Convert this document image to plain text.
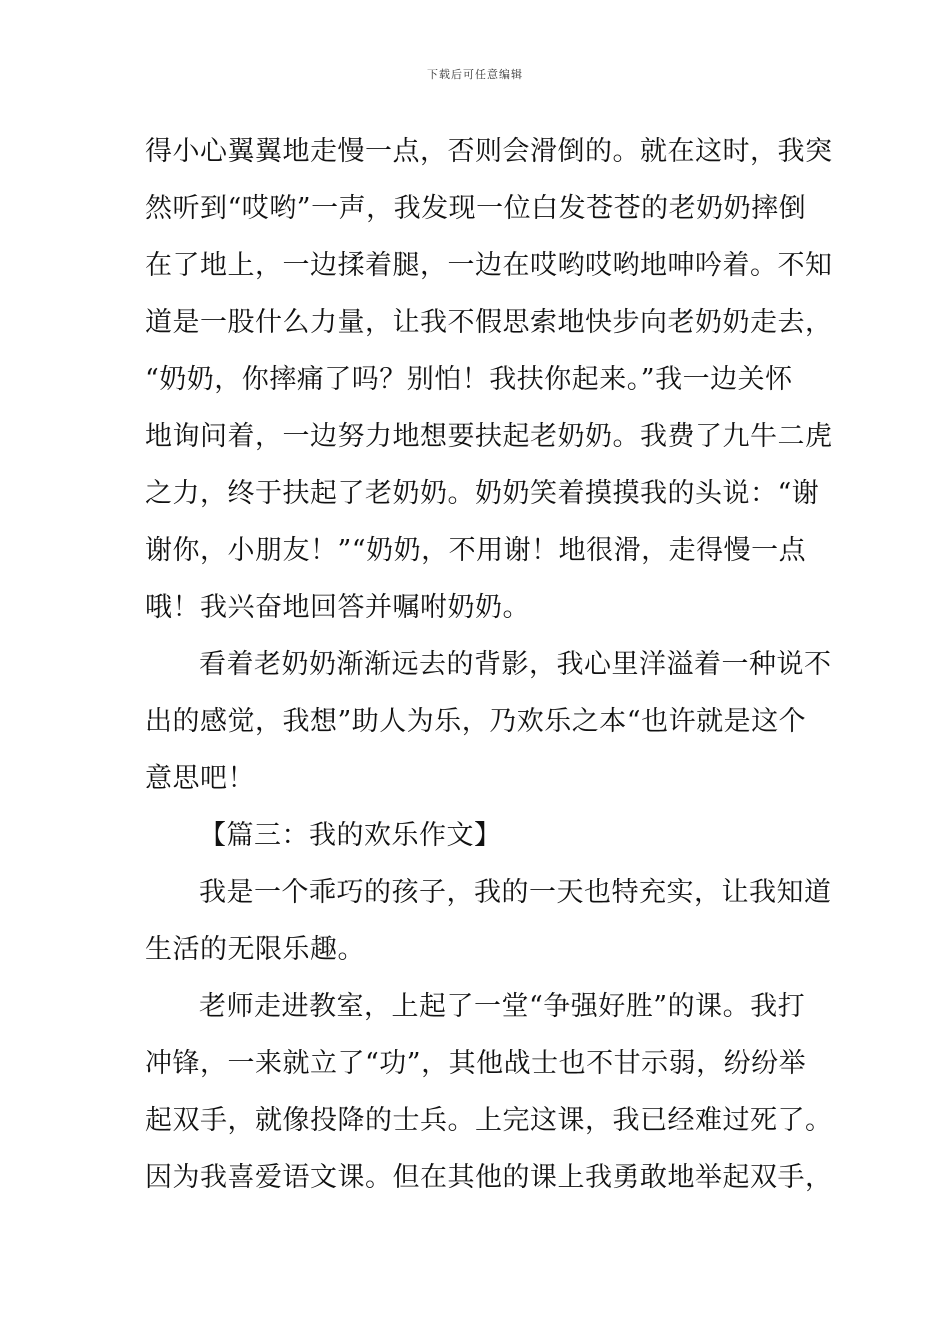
下载后可任意编辑
得小心翼翼地走慢一点，否则会滑倒的。就在这时，我突
然听到“哎哟”一声，我发现一位白发苍苍的老奶奶摔倒
在了地上，一边揉着腿，一边在哎哟哎哟地呻吟着。不知
道是一股什么力量，让我不假思索地快步向老奶奶走去，
“奶奶，你摔痛了吗？别怕！我扶你起来。”我一边关怀
地询问着，一边努力地想要扶起老奶奶。我费了九牛二虎
之力，终于扶起了老奶奶。奶奶笑着摸摸我的头说：“谢
谢你，小朋友！”“奶奶，不用谢！地很滑，走得慢一点
哦！我兴奋地回答并嘱咐奶奶。
看着老奶奶渐渐远去的背影，我心里洋溢着一种说不
出的感觉，我想”助人为乐，乃欢乐之本“也许就是这个
意思吧！
【篇三：我的欢乐作文】
我是一个乖巧的孩子，我的一天也特充实，让我知道
生活的无限乐趣。
老师走进教室，上起了一堂“争强好胜”的课。我打
冲锋，一来就立了“功”，其他战士也不甘示弱，纷纷举
起双手，就像投降的士兵。上完这课，我已经难过死了。
因为我喜爱语文课。但在其他的课上我勇敢地举起双手，
